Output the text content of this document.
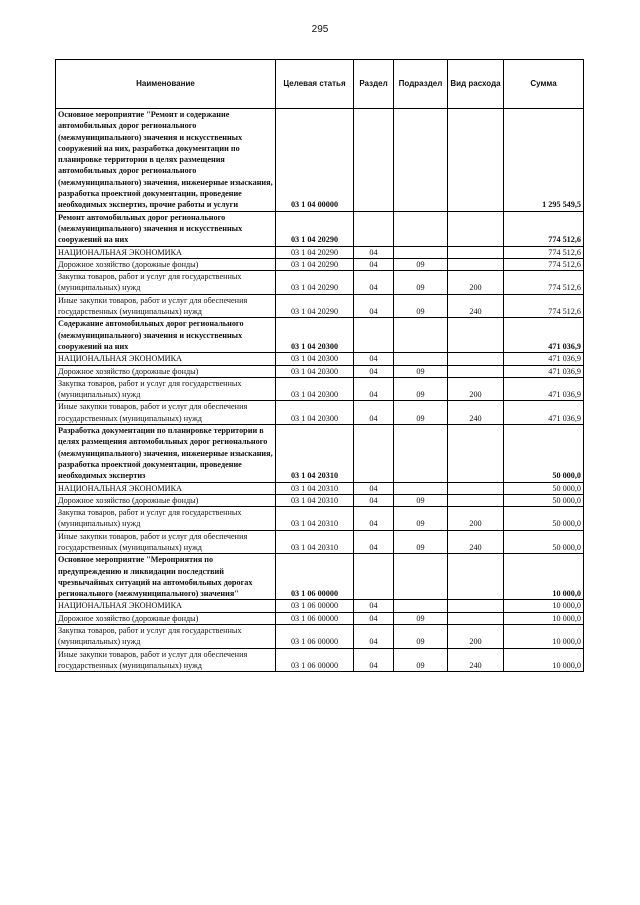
295
Наименование	Целевая статья	Раздел	Подраздел	Вид расхода	Сумма
Основное мероприятие "Ремонт и содержание автомобильных дорог регионального (межмуниципального) значения и искусственных сооружений на них, разработка документации по планировке территории в целях размещения автомобильных дорог регионального (межмуниципального) значения, инженерные изыскания, разработка проектной документации, проведение необходимых экспертиз, прочие работы и услуги	03 1 04 00000				1 295 549,5
Ремонт автомобильных дорог регионального (межмуниципального) значения и искусственных сооружений на них	03 1 04 20290				774 512,6
НАЦИОНАЛЬНАЯ ЭКОНОМИКА	03 1 04 20290	04			774 512,6
Дорожное хозяйство (дорожные фонды)	03 1 04 20290	04	09		774 512,6
Закупка товаров, работ и услуг для государственных (муниципальных) нужд	03 1 04 20290	04	09	200	774 512,6
Иные закупки товаров, работ и услуг для обеспечения государственных (муниципальных) нужд	03 1 04 20290	04	09	240	774 512,6
Содержание автомобильных дорог регионального (межмуниципального) значения и искусственных сооружений на них	03 1 04 20300				471 036,9
НАЦИОНАЛЬНАЯ ЭКОНОМИКА	03 1 04 20300	04			471 036,9
Дорожное хозяйство (дорожные фонды)	03 1 04 20300	04	09		471 036,9
Закупка товаров, работ и услуг для государственных (муниципальных) нужд	03 1 04 20300	04	09	200	471 036,9
Иные закупки товаров, работ и услуг для обеспечения государственных (муниципальных) нужд	03 1 04 20300	04	09	240	471 036,9
Разработка документации по планировке территории в целях размещения автомобильных дорог регионального (межмуниципального) значения, инженерные изыскания, разработка проектной документации, проведение необходимых экспертиз	03 1 04 20310				50 000,0
НАЦИОНАЛЬНАЯ ЭКОНОМИКА	03 1 04 20310	04			50 000,0
Дорожное хозяйство (дорожные фонды)	03 1 04 20310	04	09		50 000,0
Закупка товаров, работ и услуг для государственных (муниципальных) нужд	03 1 04 20310	04	09	200	50 000,0
Иные закупки товаров, работ и услуг для обеспечения государственных (муниципальных) нужд	03 1 04 20310	04	09	240	50 000,0
Основное мероприятие "Мероприятия по предупреждению и ликвидации последствий чрезвычайных ситуаций на автомобильных дорогах регионального (межмуниципального) значения"	03 1 06 00000				10 000,0
НАЦИОНАЛЬНАЯ ЭКОНОМИКА	03 1 06 00000	04			10 000,0
Дорожное хозяйство (дорожные фонды)	03 1 06 00000	04	09		10 000,0
Закупка товаров, работ и услуг для государственных (муниципальных) нужд	03 1 06 00000	04	09	200	10 000,0
Иные закупки товаров, работ и услуг для обеспечения государственных (муниципальных) нужд	03 1 06 00000	04	09	240	10 000,0
